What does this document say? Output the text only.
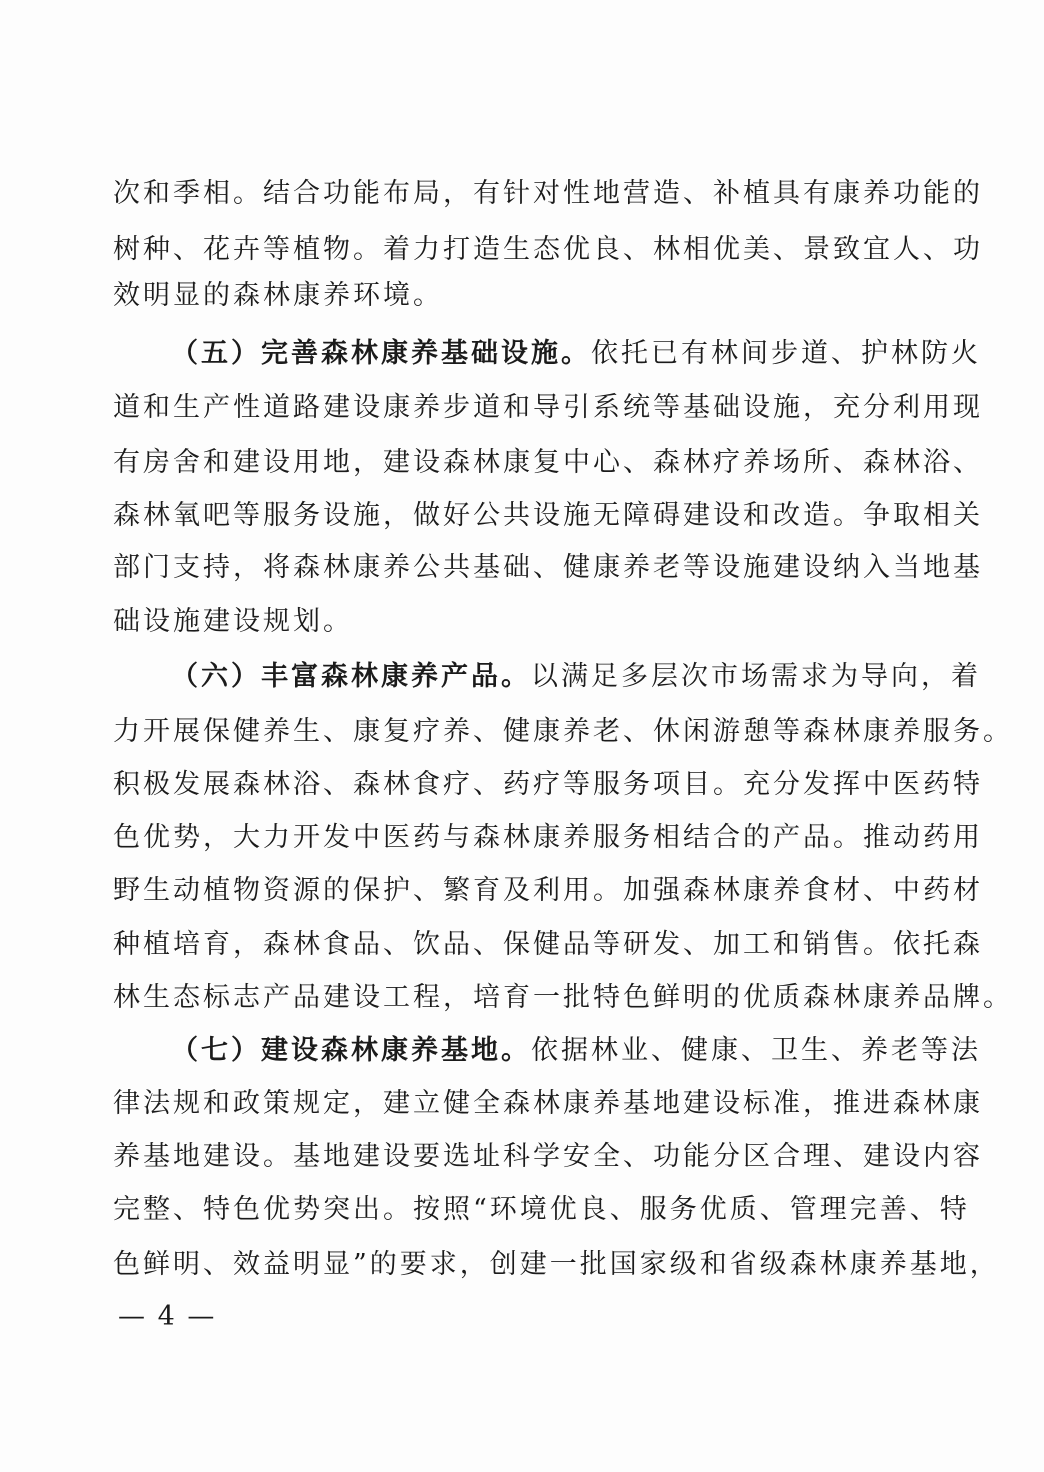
次和季相。结合功能布局，有针对性地营造、补植具有康养功能的
树种、花卉等植物。着力打造生态优良、林相优美、景致宜人、功
效明显的森林康养环境。
（五）完善森林康养基础设施。依托已有林间步道、护林防火
道和生产性道路建设康养步道和导引系统等基础设施，充分利用现
有房舍和建设用地，建设森林康复中心、森林疗养场所、森林浴、
森林氧吧等服务设施，做好公共设施无障碍建设和改造。争取相关
部门支持，将森林康养公共基础、健康养老等设施建设纳入当地基
础设施建设规划。
（六）丰富森林康养产品。以满足多层次市场需求为导向，着
力开展保健养生、康复疗养、健康养老、休闲游憩等森林康养服务。
积极发展森林浴、森林食疗、药疗等服务项目。充分发挥中医药特
色优势，大力开发中医药与森林康养服务相结合的产品。推动药用
野生动植物资源的保护、繁育及利用。加强森林康养食材、中药材
种植培育，森林食品、饮品、保健品等研发、加工和销售。依托森
林生态标志产品建设工程，培育一批特色鲜明的优质森林康养品牌。
（七）建设森林康养基地。依据林业、健康、卫生、养老等法
律法规和政策规定，建立健全森林康养基地建设标准，推进森林康
养基地建设。基地建设要选址科学安全、功能分区合理、建设内容
完整、特色优势突出。按照“环境优良、服务优质、管理完善、特
色鲜明、效益明显”的要求，创建一批国家级和省级森林康养基地，
— 4 —
